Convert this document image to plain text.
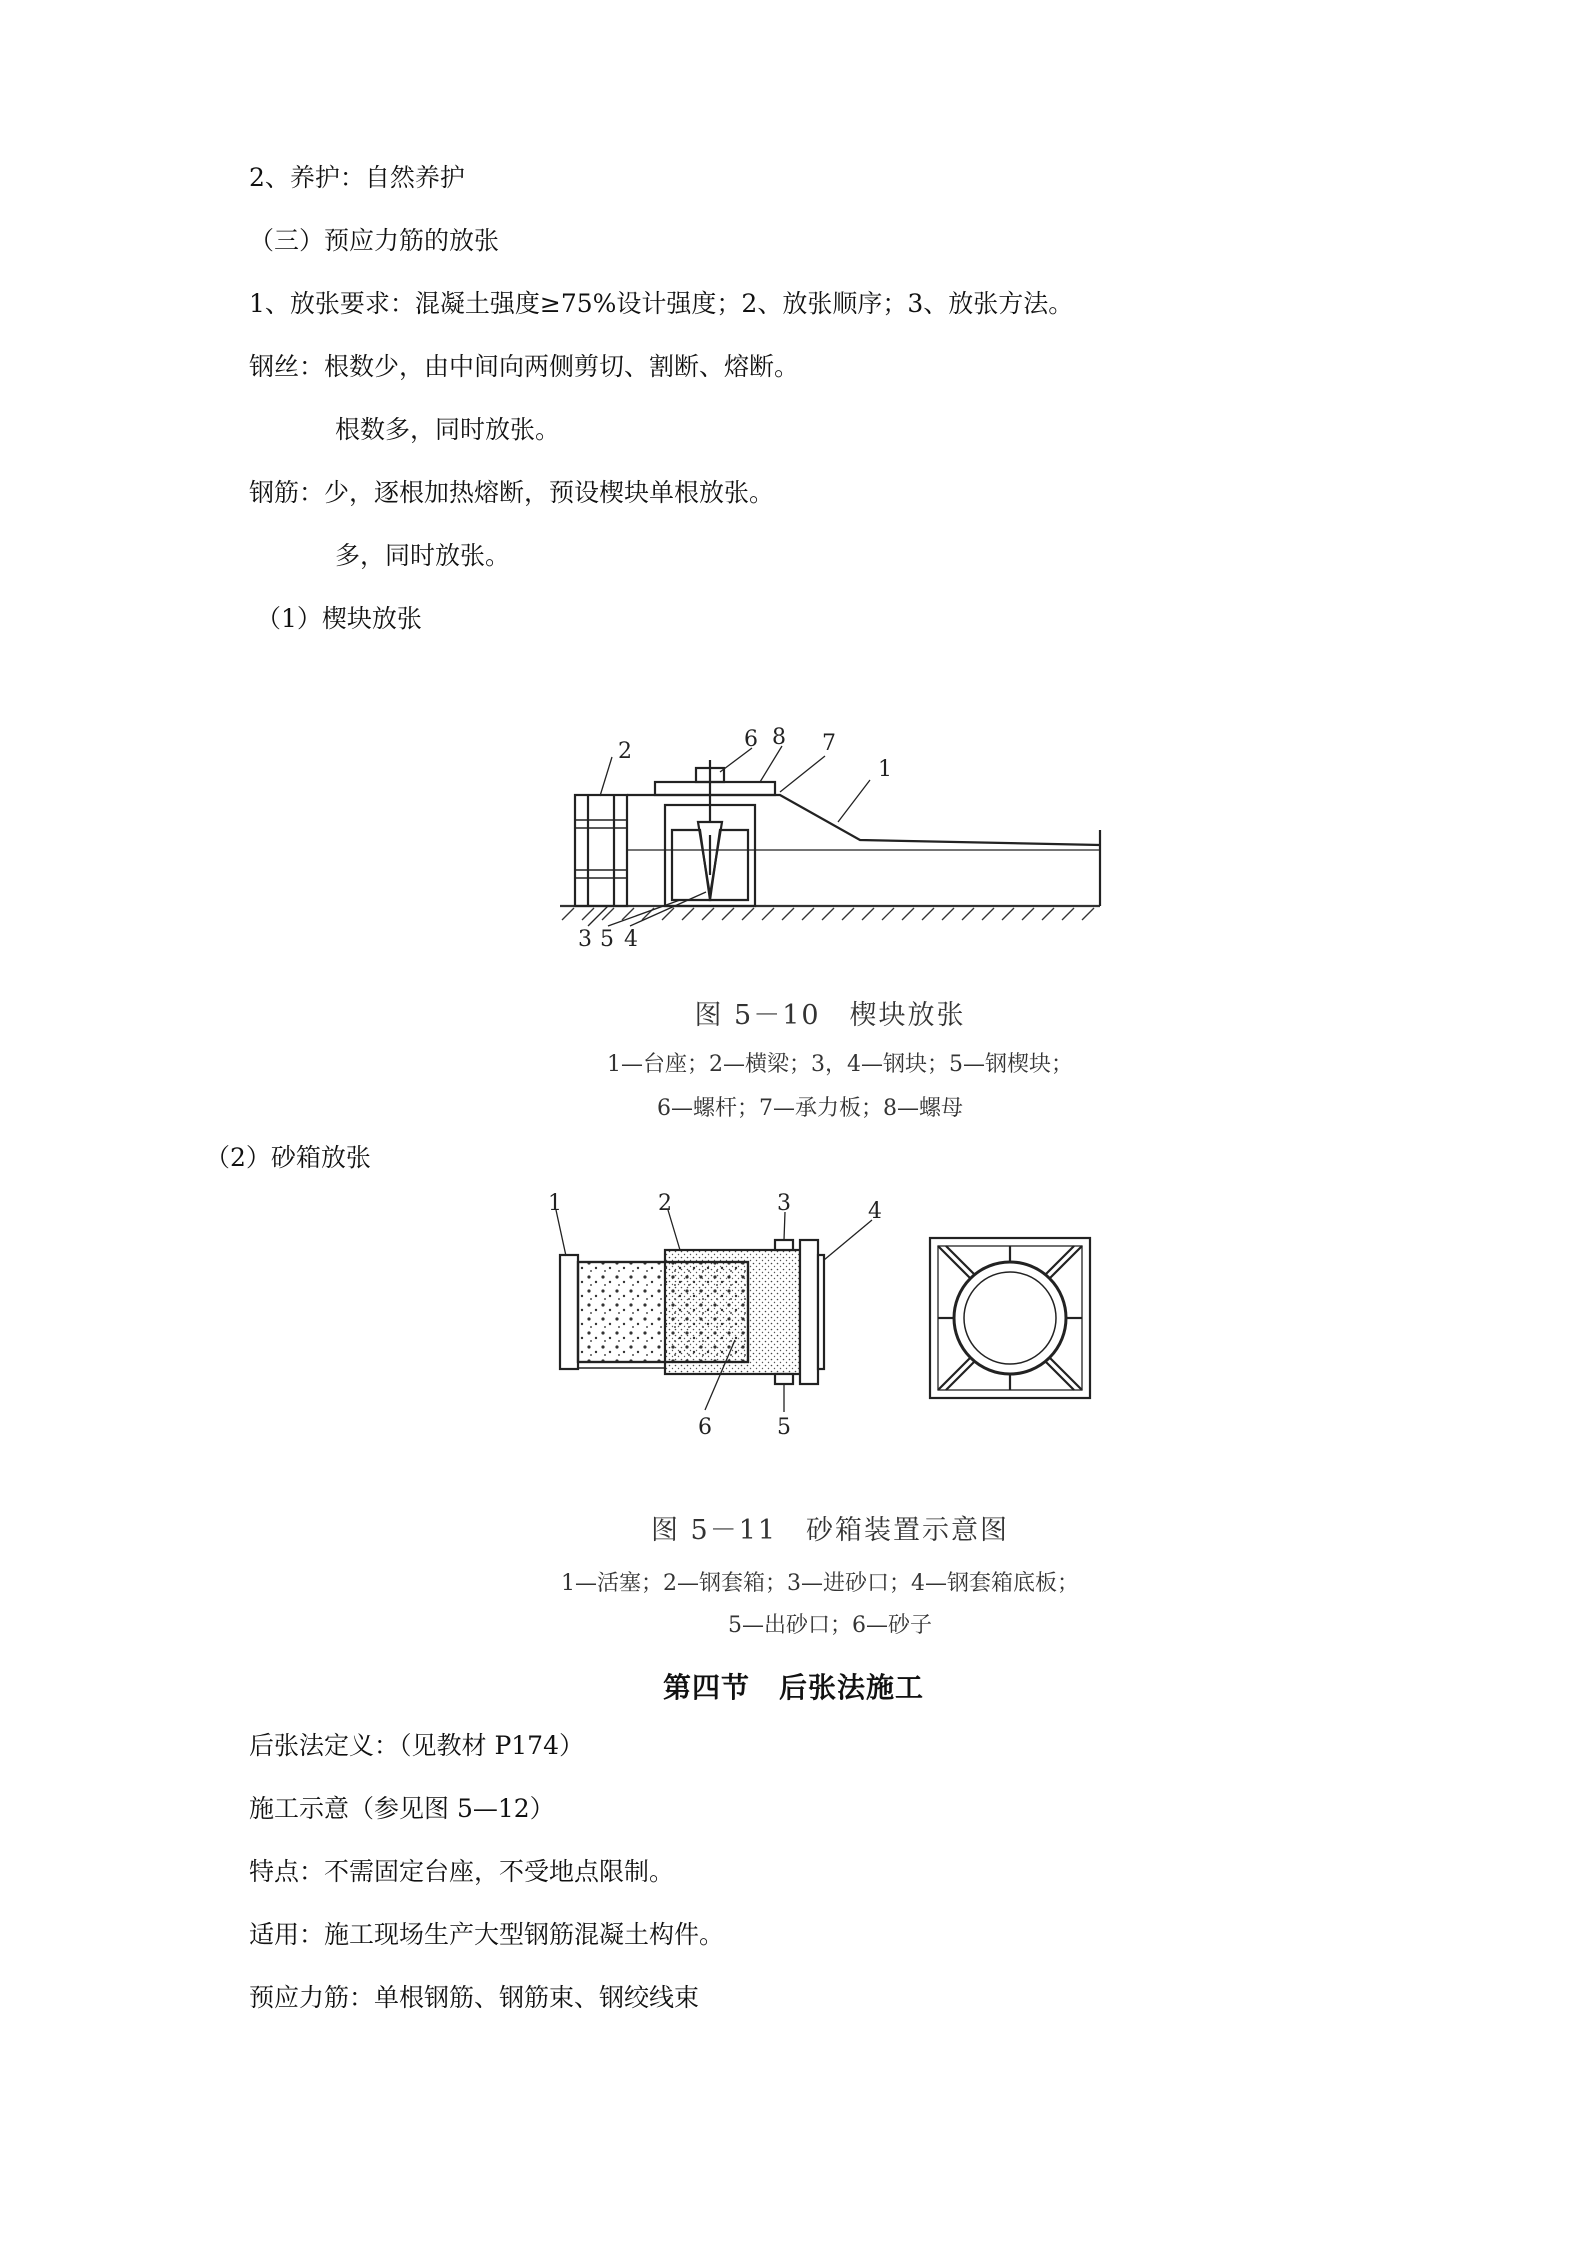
2、养护：自然养护
（三）预应力筋的放张
1、放张要求：混凝土强度≥75%设计强度；2、放张顺序；3、放张方法。
钢丝：根数少，由中间向两侧剪切、割断、熔断。
根数多，同时放张。
钢筋：少，逐根加热熔断，预设楔块单根放张。
多，同时放张。
（1）楔块放张
2	6 8 7
1
3 5 4
图 5－10　楔块放张
1—台座；2—横梁；3，4—钢块；5—钢楔块；
6—螺杆；7—承力板；8—螺母
（2）砂箱放张
1	2	3	4
6	5
图 5－11　砂箱装置示意图
1—活塞；2—钢套箱；3—进砂口；4—钢套箱底板；
5—出砂口；6—砂子
第四节　后张法施工
后张法定义：（见教材 P174）
施工示意（参见图 5—12）
特点：不需固定台座，不受地点限制。
适用：施工现场生产大型钢筋混凝土构件。
预应力筋：单根钢筋、钢筋束、钢绞线束
